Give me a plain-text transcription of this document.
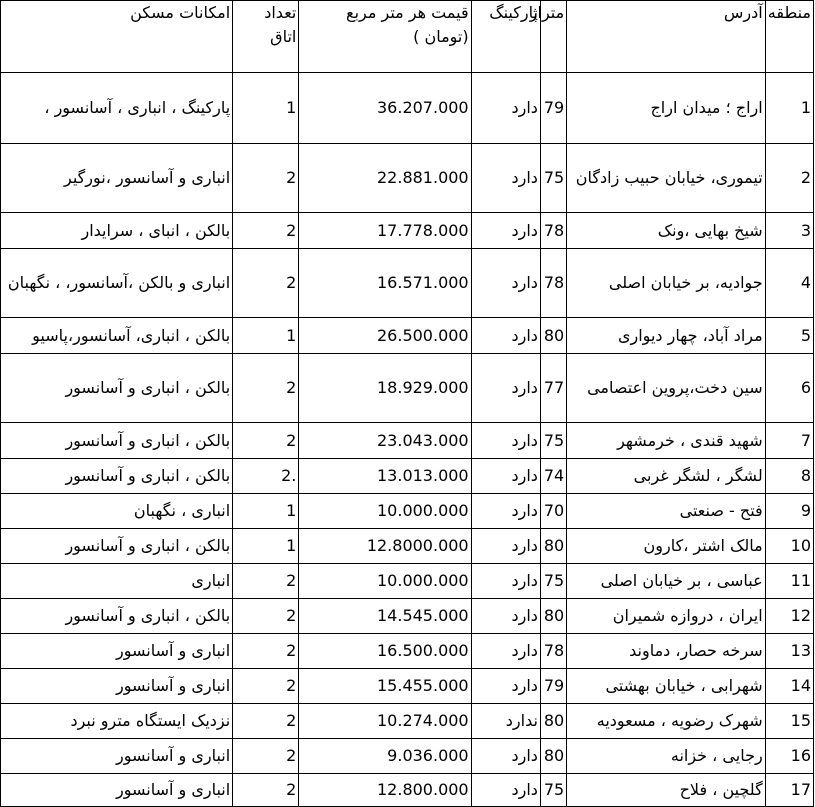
منطقه	آدرس	متراژ	پارکینگ	قیمت هر متر مربع (تومان )	تعداد اتاق	امکانات مسکن
1	اراج ؛ میدان اراج	79	دارد	36.207.000	1	پارکینگ ، انباری ، آسانسور ،
2	تیموری، خیابان حبیب زادگان	75	دارد	22.881.000	2	انباری و آسانسور ،نورگیر
3	شیخ بهایی ،ونک	78	دارد	17.778.000	2	بالکن ، انبای ، سرایدار
4	جوادیه، بر خیابان اصلی	78	دارد	16.571.000	2	انباری و بالکن ،آسانسور، ، نگهبان
5	مراد آباد، چهار دیواری	80	دارد	26.500.000	1	بالکن ، انباری، آسانسور،پاسیو
6	سین دخت،پروین اعتصامی	77	دارد	18.929.000	2	بالکن ، انباری و آسانسور
7	شهید قندی ، خرمشهر	75	دارد	23.043.000	2	بالکن ، انباری و آسانسور
8	لشگر ، لشگر غربی	74	دارد	13.013.000	2.	بالکن ، انباری و آسانسور
9	فتح - صنعتی	70	دارد	10.000.000	1	انباری ، نگهبان
10	مالک اشتر ،کارون	80	دارد	12.8000.000	1	بالکن ، انباری و آسانسور
11	عباسی ، بر خیابان اصلی	75	دارد	10.000.000	2	انباری
12	ایران ، دروازه شمیران	80	دارد	14.545.000	2	بالکن ، انباری و آسانسور
13	سرخه حصار، دماوند	78	دارد	16.500.000	2	انباری و آسانسور
14	شهرابی ، خیابان بهشتی	79	دارد	15.455.000	2	انباری و آسانسور
15	شهرک رضویه ، مسعودیه	80	ندارد	10.274.000	2	نزدیک ایستگاه مترو نبرد
16	رجایی ، خزانه	80	دارد	9.036.000	2	انباری و آسانسور
17	گلچین ، فلاح	75	دارد	12.800.000	2	انباری و آسانسور
